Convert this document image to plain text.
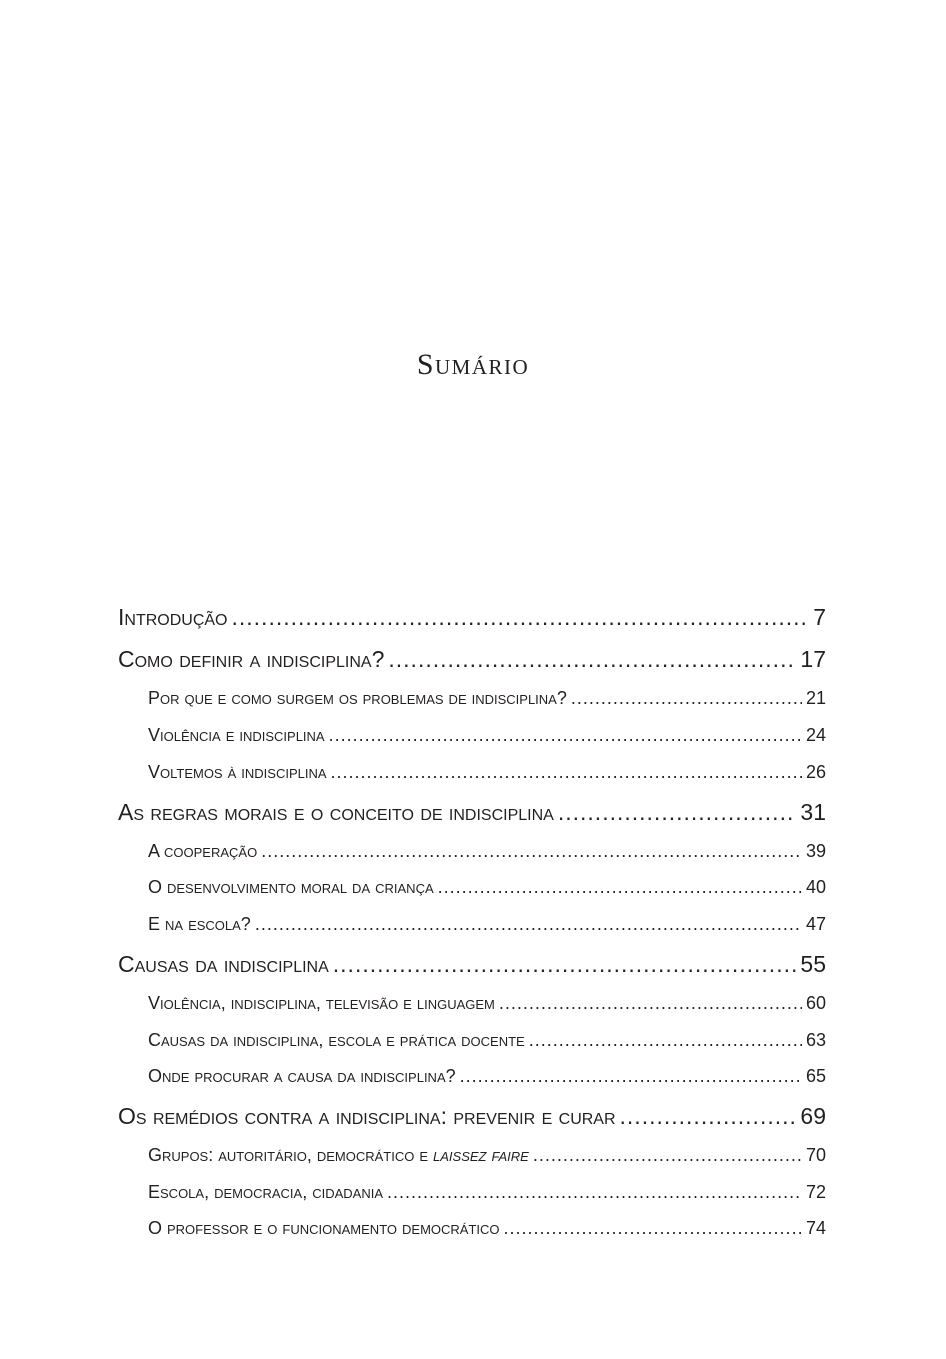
Sumário
Introdução .....	7
Como definir a indisciplina? .....	17
Por que e como surgem os problemas de indisciplina? .....	21
Violência e indisciplina .....	24
Voltemos à indisciplina .....	26
As regras morais e o conceito de indisciplina .....	31
A cooperação .....	39
O desenvolvimento moral da criança .....	40
E na escola? .....	47
Causas da indisciplina .....	55
Violência, indisciplina, televisão e linguagem .....	60
Causas da indisciplina, escola e prática docente .....	63
Onde procurar a causa da indisciplina? .....	65
Os remédios contra a indisciplina: prevenir e curar .....	69
Grupos: autoritário, democrático e laissez faire .....	70
Escola, democracia, cidadania .....	72
O professor e o funcionamento democrático .....	74
